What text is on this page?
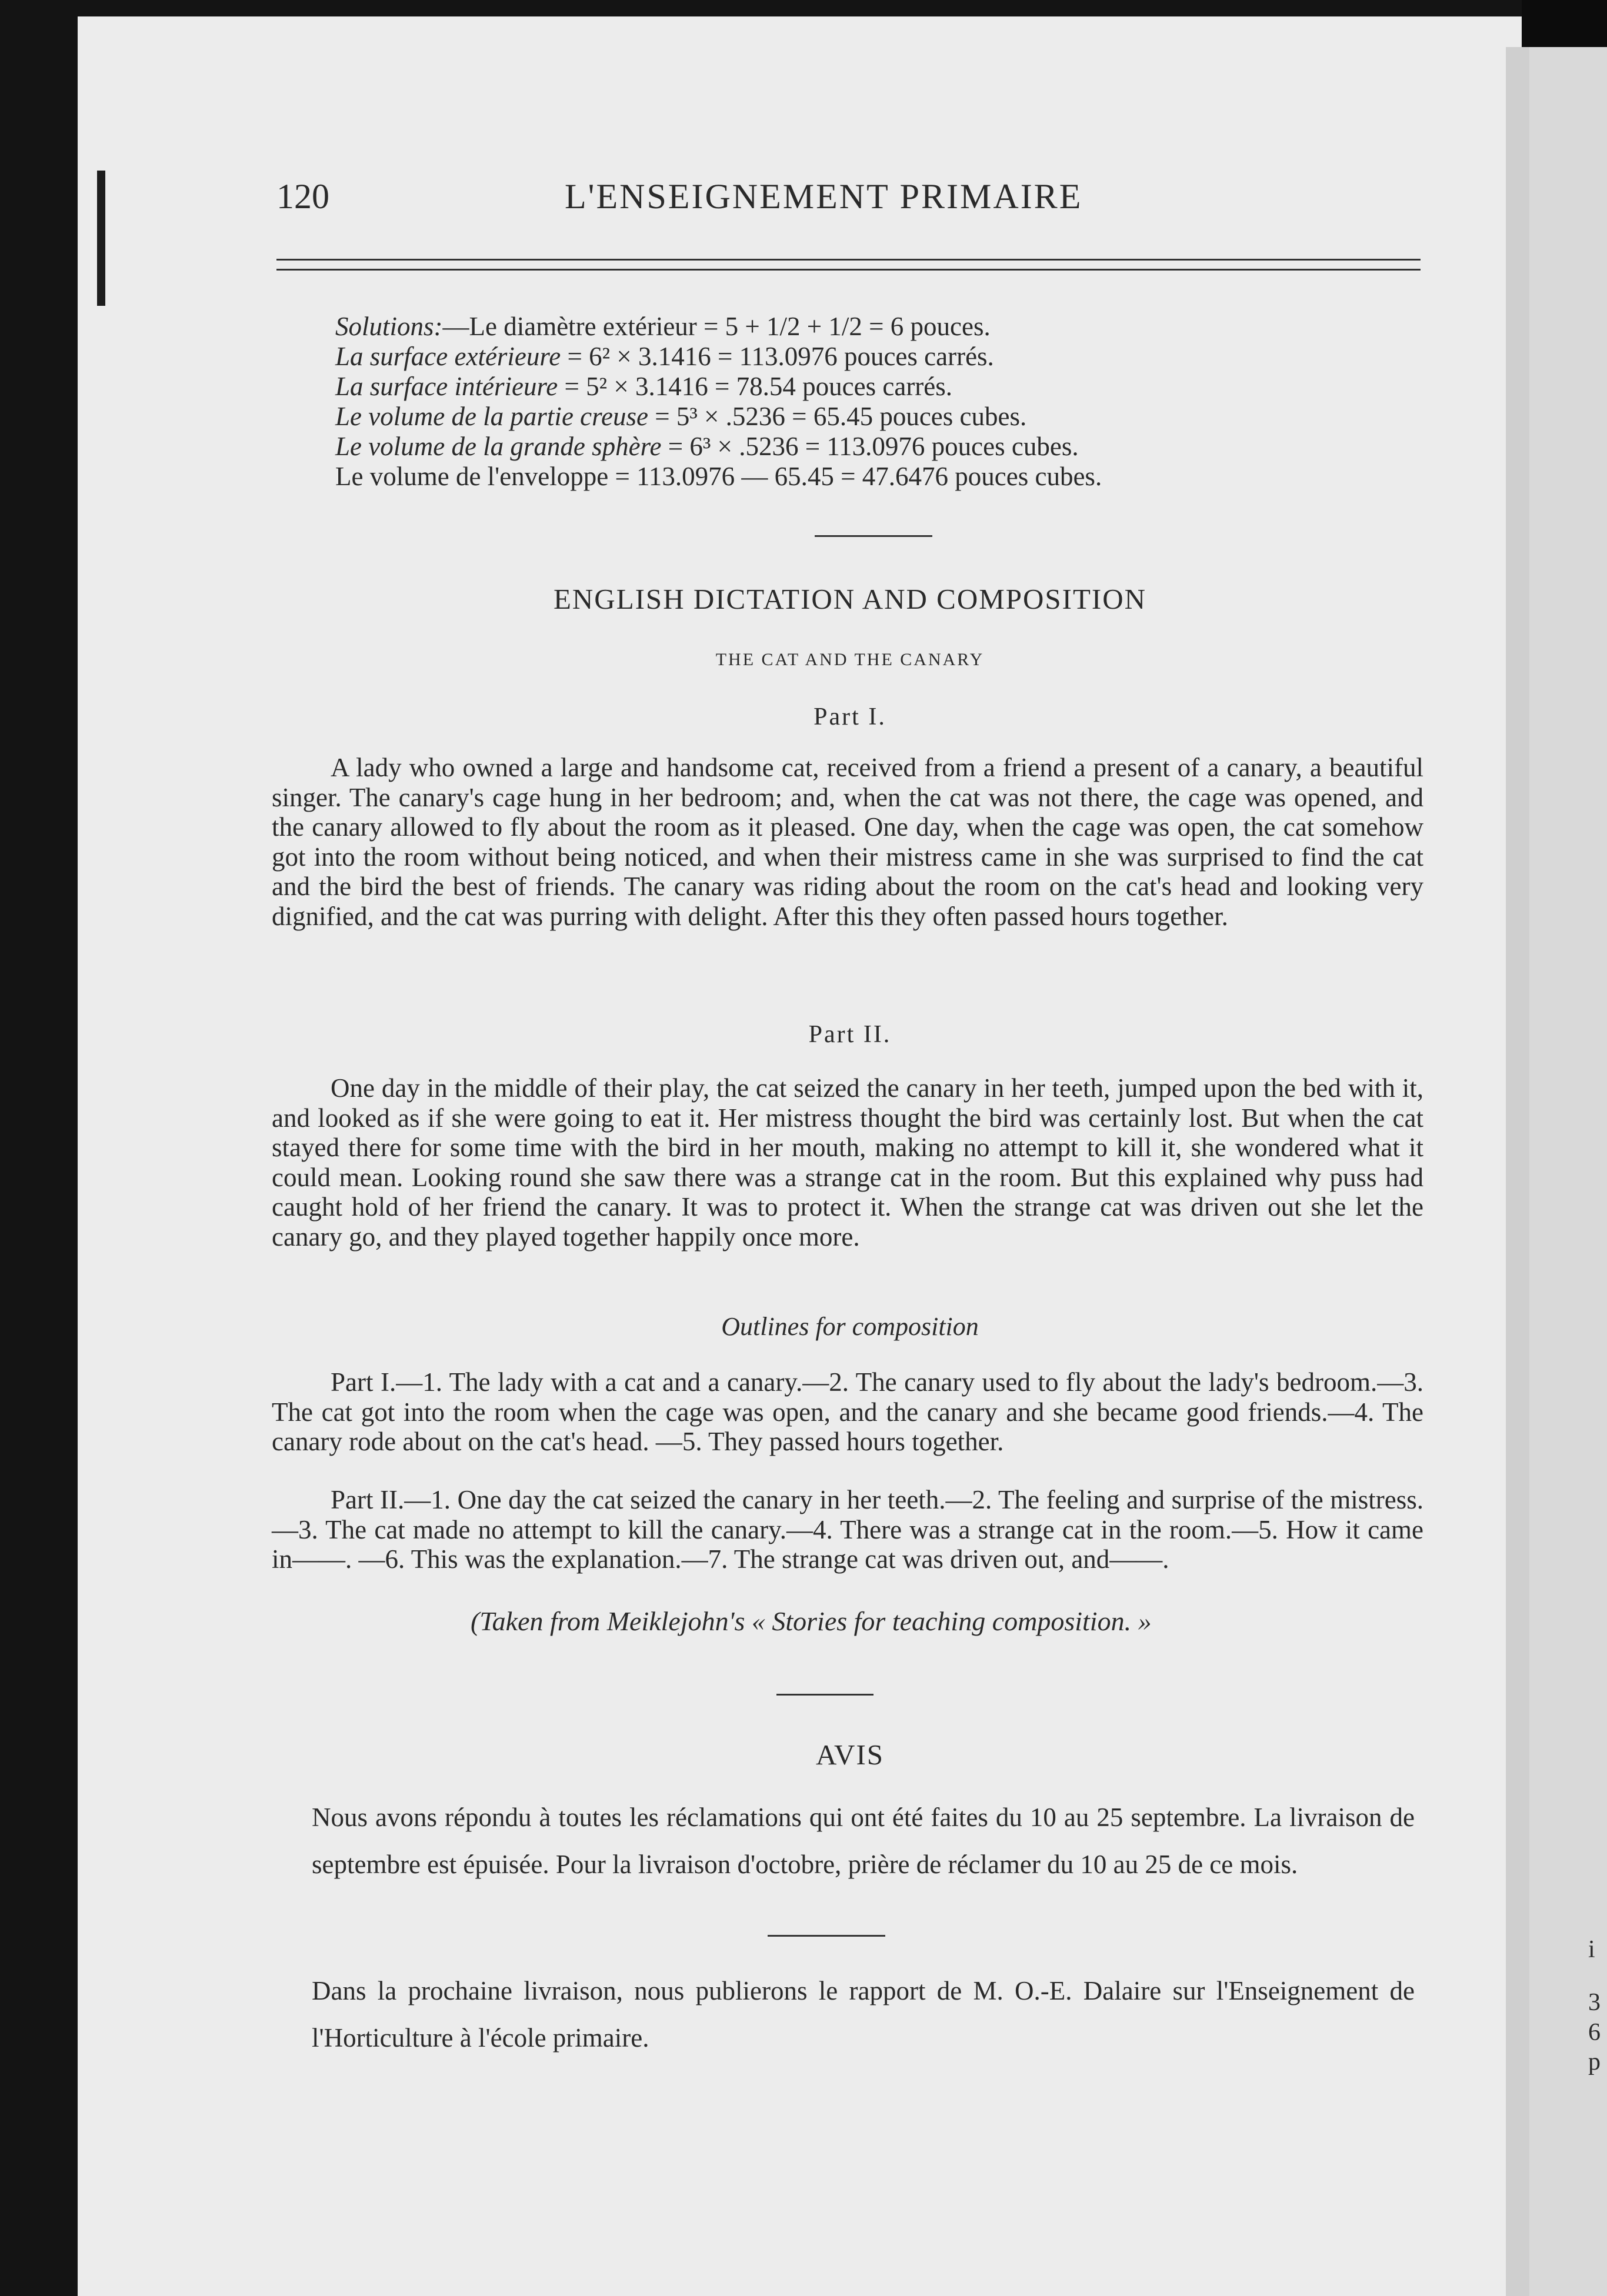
i
3
6
p
120	L'ENSEIGNEMENT PRIMAIRE
Solutions:—Le diamètre extérieur = 5 + 1/2 + 1/2 = 6 pouces.
La surface extérieure = 6² × 3.1416 = 113.0976 pouces carrés.
La surface intérieure = 5² × 3.1416 = 78.54 pouces carrés.
Le volume de la partie creuse = 5³ × .5236 = 65.45 pouces cubes.
Le volume de la grande sphère = 6³ × .5236 = 113.0976 pouces cubes.
Le volume de l'enveloppe = 113.0976 — 65.45 = 47.6476 pouces cubes.
ENGLISH DICTATION AND COMPOSITION
THE CAT AND THE CANARY
Part I.

A lady who owned a large and handsome cat, received from a friend a present of a canary, a beautiful singer. The canary's cage hung in her bedroom; and, when the cat was not there, the cage was opened, and the canary allowed to fly about the room as it pleased. One day, when the cage was open, the cat somehow got into the room without being noticed, and when their mistress came in she was surprised to find the cat and the bird the best of friends. The canary was riding about the room on the cat's head and looking very dignified, and the cat was purring with delight. After this they often passed hours together.

Part II.

One day in the middle of their play, the cat seized the canary in her teeth, jumped upon the bed with it, and looked as if she were going to eat it. Her mistress thought the bird was certainly lost. But when the cat stayed there for some time with the bird in her mouth, making no attempt to kill it, she wondered what it could mean. Looking round she saw there was a strange cat in the room. But this explained why puss had caught hold of her friend the canary. It was to protect it. When the strange cat was driven out she let the canary go, and they played together happily once more.

Outlines for composition

Part I.—1. The lady with a cat and a canary.—2. The canary used to fly about the lady's bedroom.—3. The cat got into the room when the cage was open, and the canary and she became good friends.—4. The canary rode about on the cat's head. —5. They passed hours together.

Part II.—1. One day the cat seized the canary in her teeth.—2. The feeling and surprise of the mistress.—3. The cat made no attempt to kill the canary.—4. There was a strange cat in the room.—5. How it came in——. —6. This was the explanation.—7. The strange cat was driven out, and——.

(Taken from Meiklejohn's « Stories for teaching composition. »
AVIS

Nous avons répondu à toutes les réclamations qui ont été faites du 10 au 25 septembre. La livraison de septembre est épuisée. Pour la livraison d'octobre, prière de réclamer du 10 au 25 de ce mois.

Dans la prochaine livraison, nous publierons le rapport de M. O.-E. Dalaire sur l'Enseignement de l'Horticulture à l'école primaire.
